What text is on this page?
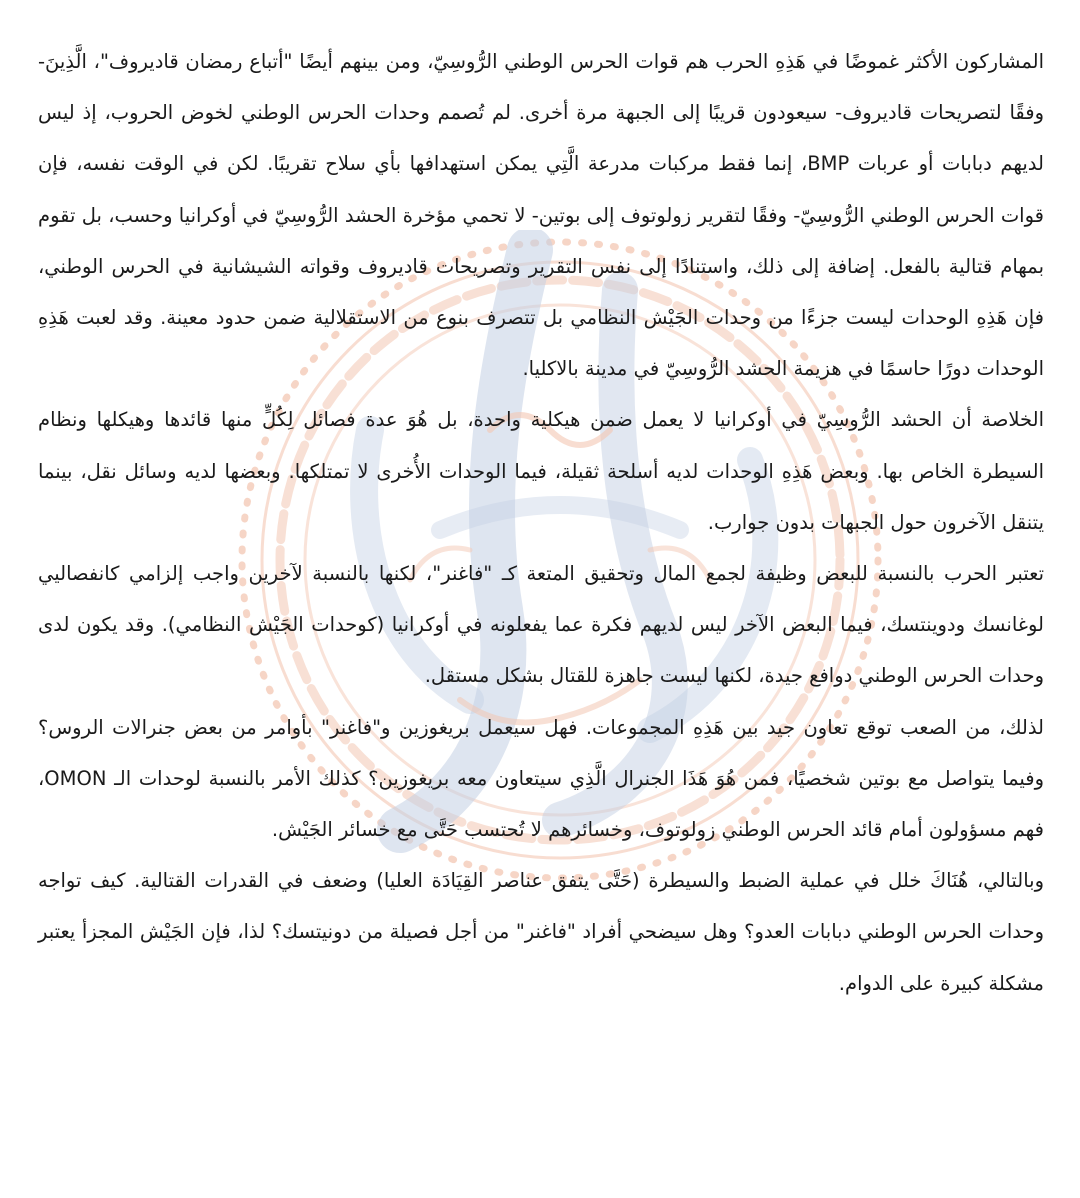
المشاركون الأكثر غموضًا في هَذِهِ الحرب هم قوات الحرس الوطني الرُّوسِيّ، ومن بينهم أيضًا "أتباع رمضان قاديروف"، الَّذِينَ- وفقًا لتصريحات قاديروف- سيعودون قريبًا إلى الجبهة مرة أخرى. لم تُصمم وحدات الحرس الوطني لخوض الحروب، إذ ليس لديهم دبابات أو عربات BMP، إنما فقط مركبات مدرعة الَّتِي يمكن استهدافها بأي سلاح تقريبًا. لكن في الوقت نفسه، فإن قوات الحرس الوطني الرُّوسِيّ- وفقًا لتقرير زولوتوف إلى بوتين- لا تحمي مؤخرة الحشد الرُّوسِيّ في أوكرانيا وحسب، بل تقوم بمهام قتالية بالفعل. إضافة إلى ذلك، واستنادًا إلى نفس التقرير وتصريحات قاديروف وقواته الشيشانية في الحرس الوطني، فإن هَذِهِ الوحدات ليست جزءًا من وحدات الجَيْش النظامي بل تتصرف بنوع من الاستقلالية ضمن حدود معينة. وقد لعبت هَذِهِ الوحدات دورًا حاسمًا في هزيمة الحشد الرُّوسِيّ في مدينة بالاكليا.

الخلاصة أن الحشد الرُّوسِيّ في أوكرانيا لا يعمل ضمن هيكلية واحدة، بل هُوَ عدة فصائل لِكُلٍّ منها قائدها وهيكلها ونظام السيطرة الخاص بها. وبعض هَذِهِ الوحدات لديه أسلحة ثقيلة، فيما الوحدات الأُخرى لا تمتلكها. وبعضها لديه وسائل نقل، بينما يتنقل الآخرون حول الجبهات بدون جوارب.

تعتبر الحرب بالنسبة للبعض وظيفة لجمع المال وتحقيق المتعة كـ "فاغنر"، لكنها بالنسبة لآخرين واجب إلزامي كانفصاليي لوغانسك ودوينتسك، فيما البعض الآخر ليس لديهم فكرة عما يفعلونه في أوكرانيا (كوحدات الجَيْش النظامي). وقد يكون لدى وحدات الحرس الوطني دوافع جيدة، لكنها ليست جاهزة للقتال بشكل مستقل.

لذلك، من الصعب توقع تعاون جيد بين هَذِهِ المجموعات. فهل سيعمل بريغوزين و"فاغنر" بأوامر من بعض جنرالات الروس؟ وفيما يتواصل مع بوتين شخصيًا، فمن هُوَ هَذَا الجنرال الَّذِي سيتعاون معه بريغوزين؟ كذلك الأمر بالنسبة لوحدات الـ OMON، فهم مسؤولون أمام قائد الحرس الوطني زولوتوف، وخسائرهم لا تُحتسب حَتَّى مع خسائر الجَيْش.

وبالتالي، هُنَاكَ خلل في عملية الضبط والسيطرة (حَتَّى يتفق عناصر القِيَادَة العليا) وضعف في القدرات القتالية. كيف تواجه وحدات الحرس الوطني دبابات العدو؟ وهل سيضحي أفراد "فاغنر" من أجل فصيلة من دونيتسك؟ لذا، فإن الجَيْش المجزأ يعتبر مشكلة كبيرة على الدوام.
